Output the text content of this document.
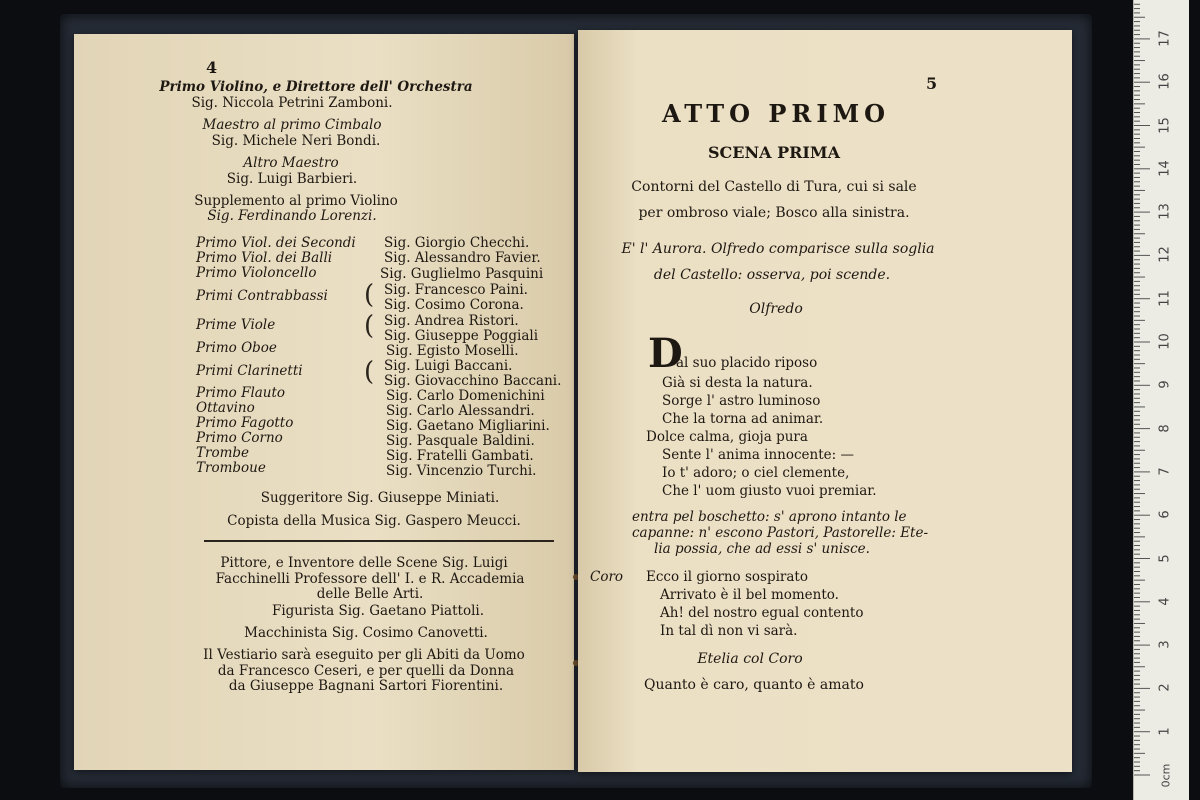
4
Primo Violino, e Direttore dell' Orchestra
Sig. Niccola Petrini Zamboni.
Maestro al primo Cimbalo
Sig. Michele Neri Bondi.
Altro Maestro
Sig. Luigi Barbieri.
Supplemento al primo Violino
Sig. Ferdinando Lorenzi.
Primo Viol. dei Secondi Sig. Giorgio Checchi.
Primo Viol. dei Balli	Sig. Alessandro Favier.
Primo Violoncello	Sig. Guglielmo Pasquini
Primi Contrabbassi ( Sig. Francesco Paini.
Sig. Cosimo Corona.
Prime Viole	( Sig. Andrea Ristori.
Sig. Giuseppe Poggiali
Primo Oboe	Sig. Egisto Moselli.
Primi Clarinetti ( Sig. Luigi Baccani.
Sig. Giovacchino Baccani.
Primo Flauto	Sig. Carlo Domenichini
Ottavino	Sig. Carlo Alessandri.
Primo Fagotto	Sig. Gaetano Migliarini.
Primo Corno	Sig. Pasquale Baldini.
Trombe	Sig. Fratelli Gambati.
Tromboue	Sig. Vincenzio Turchi.
Suggeritore Sig. Giuseppe Miniati.
Copista della Musica Sig. Gaspero Meucci.
Pittore, e Inventore delle Scene Sig. Luigi
Facchinelli Professore dell' I. e R. Accademia
delle Belle Arti.
Figurista Sig. Gaetano Piattoli.
Macchinista Sig. Cosimo Canovetti.
Il Vestiario sarà eseguito per gli Abiti da Uomo
da Francesco Ceseri, e per quelli da Donna
da Giuseppe Bagnani Sartori Fiorentini.
5
ATTO PRIMO
SCENA PRIMA
Contorni del Castello di Tura, cui si sale
per ombroso viale; Bosco alla sinistra.
E' l' Aurora. Olfredo comparisce sulla soglia
del Castello: osserva, poi scende.
Olfredo
D
al suo placido riposo
Già si desta la natura.
Sorge l' astro luminoso
Che la torna ad animar.
Dolce calma, gioja pura
Sente l' anima innocente: —
Io t' adoro; o ciel clemente,
Che l' uom giusto vuoi premiar.
entra pel boschetto: s' aprono intanto le
capanne: n' escono Pastori, Pastorelle: Ete-
lia possia, che ad essi s' unisce.
Coro Ecco il giorno sospirato
Arrivato è il bel momento.
Ah! del nostro egual contento
In tal dì non vi sarà.
Etelia col Coro
Quanto è caro, quanto è amato
1
2
3
4
5
6
7
8
9
10
11
12
13
14
15
16
17
0cm
